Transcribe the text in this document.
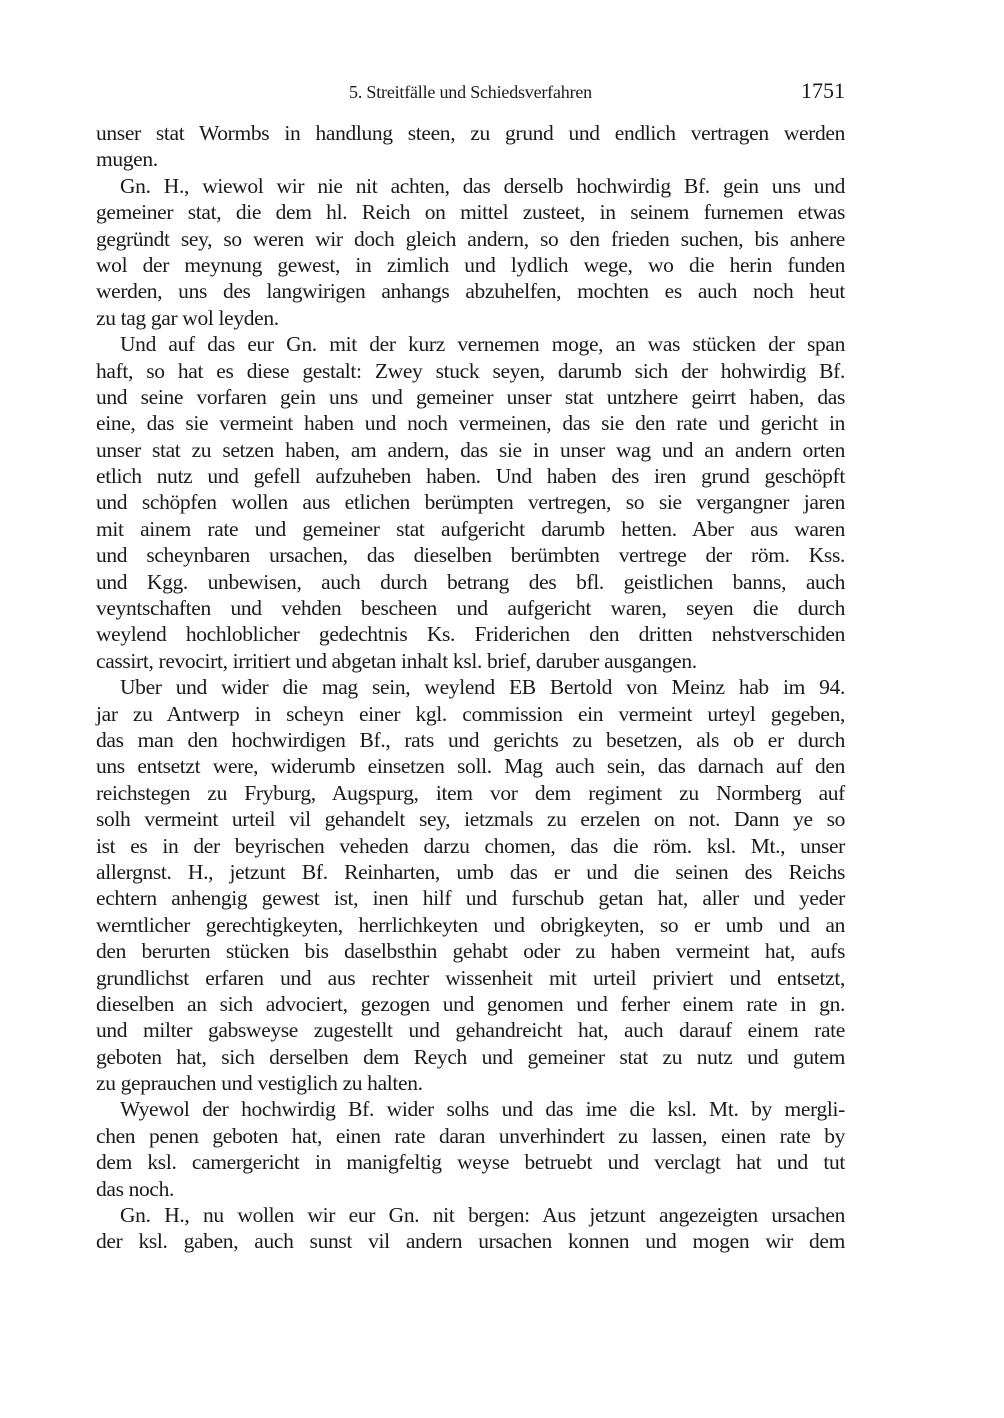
5. Streitfälle und Schiedsverfahren	1751
unser stat Wormbs in handlung steen, zu grund und endlich vertragen werden
mugen.
Gn. H., wiewol wir nie nit achten, das derselb hochwirdig Bf. gein uns und
gemeiner stat, die dem hl. Reich on mittel zusteet, in seinem furnemen etwas
gegründt sey, so weren wir doch gleich andern, so den frieden suchen, bis anhere
wol der meynung gewest, in zimlich und lydlich wege, wo die herin funden
werden, uns des langwirigen anhangs abzuhelfen, mochten es auch noch heut
zu tag gar wol leyden.
Und auf das eur Gn. mit der kurz vernemen moge, an was stücken der span
haft, so hat es diese gestalt: Zwey stuck seyen, darumb sich der hohwirdig Bf.
und seine vorfaren gein uns und gemeiner unser stat untzhere geirrt haben, das
eine, das sie vermeint haben und noch vermeinen, das sie den rate und gericht in
unser stat zu setzen haben, am andern, das sie in unser wag und an andern orten
etlich nutz und gefell aufzuheben haben. Und haben des iren grund geschöpft
und schöpfen wollen aus etlichen berümpten vertregen, so sie vergangner jaren
mit ainem rate und gemeiner stat aufgericht darumb hetten. Aber aus waren
und scheynbaren ursachen, das dieselben berümbten vertrege der röm. Kss.
und Kgg. unbewisen, auch durch betrang des bfl. geistlichen banns, auch
veyntschaften und vehden bescheen und aufgericht waren, seyen die durch
weylend hochloblicher gedechtnis Ks. Friderichen den dritten nehstverschiden
cassirt, revocirt, irritiert und abgetan inhalt ksl. brief, daruber ausgangen.
Uber und wider die mag sein, weylend EB Bertold von Meinz hab im 94.
jar zu Antwerp in scheyn einer kgl. commission ein vermeint urteyl gegeben,
das man den hochwirdigen Bf., rats und gerichts zu besetzen, als ob er durch
uns entsetzt were, widerumb einsetzen soll. Mag auch sein, das darnach auf den
reichstegen zu Fryburg, Augspurg, item vor dem regiment zu Normberg auf
solh vermeint urteil vil gehandelt sey, ietzmals zu erzelen on not. Dann ye so
ist es in der beyrischen veheden darzu chomen, das die röm. ksl. Mt., unser
allergnst. H., jetzunt Bf. Reinharten, umb das er und die seinen des Reichs
echtern anhengig gewest ist, inen hilf und furschub getan hat, aller und yeder
werntlicher gerechtigkeyten, herrlichkeyten und obrigkeyten, so er umb und an
den berurten stücken bis daselbsthin gehabt oder zu haben vermeint hat, aufs
grundlichst erfaren und aus rechter wissenheit mit urteil priviert und entsetzt,
dieselben an sich advociert, gezogen und genomen und ferher einem rate in gn.
und milter gabsweyse zugestellt und gehandreicht hat, auch darauf einem rate
geboten hat, sich derselben dem Reych und gemeiner stat zu nutz und gutem
zu geprauchen und vestiglich zu halten.
Wyewol der hochwirdig Bf. wider solhs und das ime die ksl. Mt. by mergli-
chen penen geboten hat, einen rate daran unverhindert zu lassen, einen rate by
dem ksl. camergericht in manigfeltig weyse betruebt und verclagt hat und tut
das noch.
Gn. H., nu wollen wir eur Gn. nit bergen: Aus jetzunt angezeigten ursachen
der ksl. gaben, auch sunst vil andern ursachen konnen und mogen wir dem
